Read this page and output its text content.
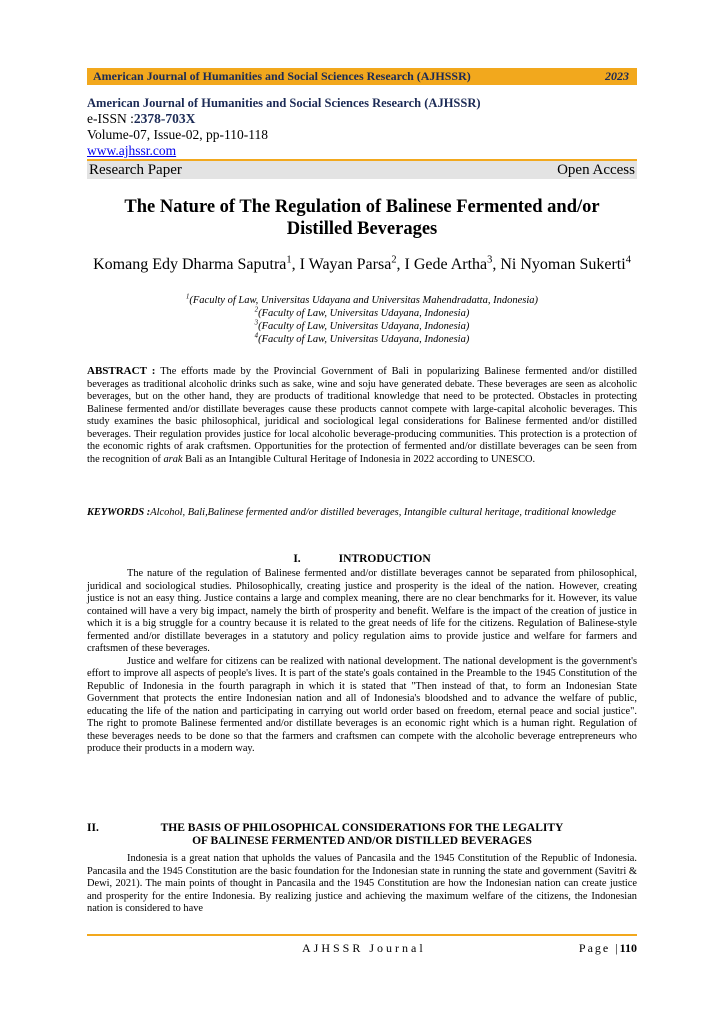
American Journal of Humanities and Social Sciences Research (AJHSSR)	2023
American Journal of Humanities and Social Sciences Research (AJHSSR)
e-ISSN :2378-703X
Volume-07, Issue-02, pp-110-118
www.ajhssr.com
Research Paper	Open Access
The Nature of The Regulation of Balinese Fermented and/or
Distilled Beverages
Komang Edy Dharma Saputra$^1$, I Wayan Parsa$^2$, I Gede Artha$^3$, Ni Nyoman Sukerti$^4$
$^1$(Faculty of Law, Universitas Udayana and Universitas Mahendradatta, Indonesia)
$^2$(Faculty of Law, Universitas Udayana, Indonesia)
$^3$(Faculty of Law, Universitas Udayana, Indonesia)
$^4$(Faculty of Law, Universitas Udayana, Indonesia)
ABSTRACT : The efforts made by the Provincial Government of Bali in popularizing Balinese fermented and/or distilled beverages as traditional alcoholic drinks such as sake, wine and soju have generated debate. These beverages are seen as alcoholic beverages, but on the other hand, they are products of traditional knowledge that need to be protected. Obstacles in protecting Balinese fermented and/or distillate beverages cause these products cannot compete with large-capital alcoholic beverages. This study examines the basic philosophical, juridical and sociological legal considerations for Balinese fermented and/or distilled beverages. Their regulation provides justice for local alcoholic beverage-producing communities. This protection is a protection of the economic rights of arak craftsmen. Opportunities for the protection of fermented and/or distillate beverages can be seen from the recognition of arak Bali as an Intangible Cultural Heritage of Indonesia in 2022 according to UNESCO.
KEYWORDS :Alcohol, Bali,Balinese fermented and/or distilled beverages, Intangible cultural heritage, traditional knowledge
I.	INTRODUCTION
The nature of the regulation of Balinese fermented and/or distillate beverages cannot be separated from philosophical, juridical and sociological studies. Philosophically, creating justice and prosperity is the ideal of the nation. However, creating justice is not an easy thing. Justice contains a large and complex meaning, there are no clear benchmarks for it. However, its value contained will have a very big impact, namely the birth of prosperity and benefit. Welfare is the impact of the creation of justice in which it is a big struggle for a country because it is related to the great needs of life for the citizens. Regulation of Balinese-style fermented and/or distillate beverages in a statutory and policy regulation aims to provide justice and welfare for farmers and craftsmen of these beverages.
Justice and welfare for citizens can be realized with national development. The national development is the government's effort to improve all aspects of people's lives. It is part of the state's goals contained in the Preamble to the 1945 Constitution of the Republic of Indonesia in the fourth paragraph in which it is stated that "Then instead of that, to form an Indonesian State Government that protects the entire Indonesian nation and all of Indonesia's bloodshed and to advance the welfare of public, educating the life of the nation and participating in carrying out world order based on freedom, eternal peace and social justice". The right to promote Balinese fermented and/or distillate beverages is an economic right which is a human right. Regulation of these beverages needs to be done so that the farmers and craftsmen can compete with the alcoholic beverage entrepreneurs who produce their products in a modern way.
II.	THE BASIS OF PHILOSOPHICAL CONSIDERATIONS FOR THE LEGALITY
OF BALINESE FERMENTED AND/OR DISTILLED BEVERAGES
Indonesia is a great nation that upholds the values of Pancasila and the 1945 Constitution of the Republic of Indonesia. Pancasila and the 1945 Constitution are the basic foundation for the Indonesian state in running the state and government (Savitri & Dewi, 2021). The main points of thought in Pancasila and the 1945 Constitution are how the Indonesian nation can create justice and prosperity for the entire Indonesia. By realizing justice and achieving the maximum welfare of the citizens, the Indonesian nation is considered to have
AJHSSR Journal	Page |110
